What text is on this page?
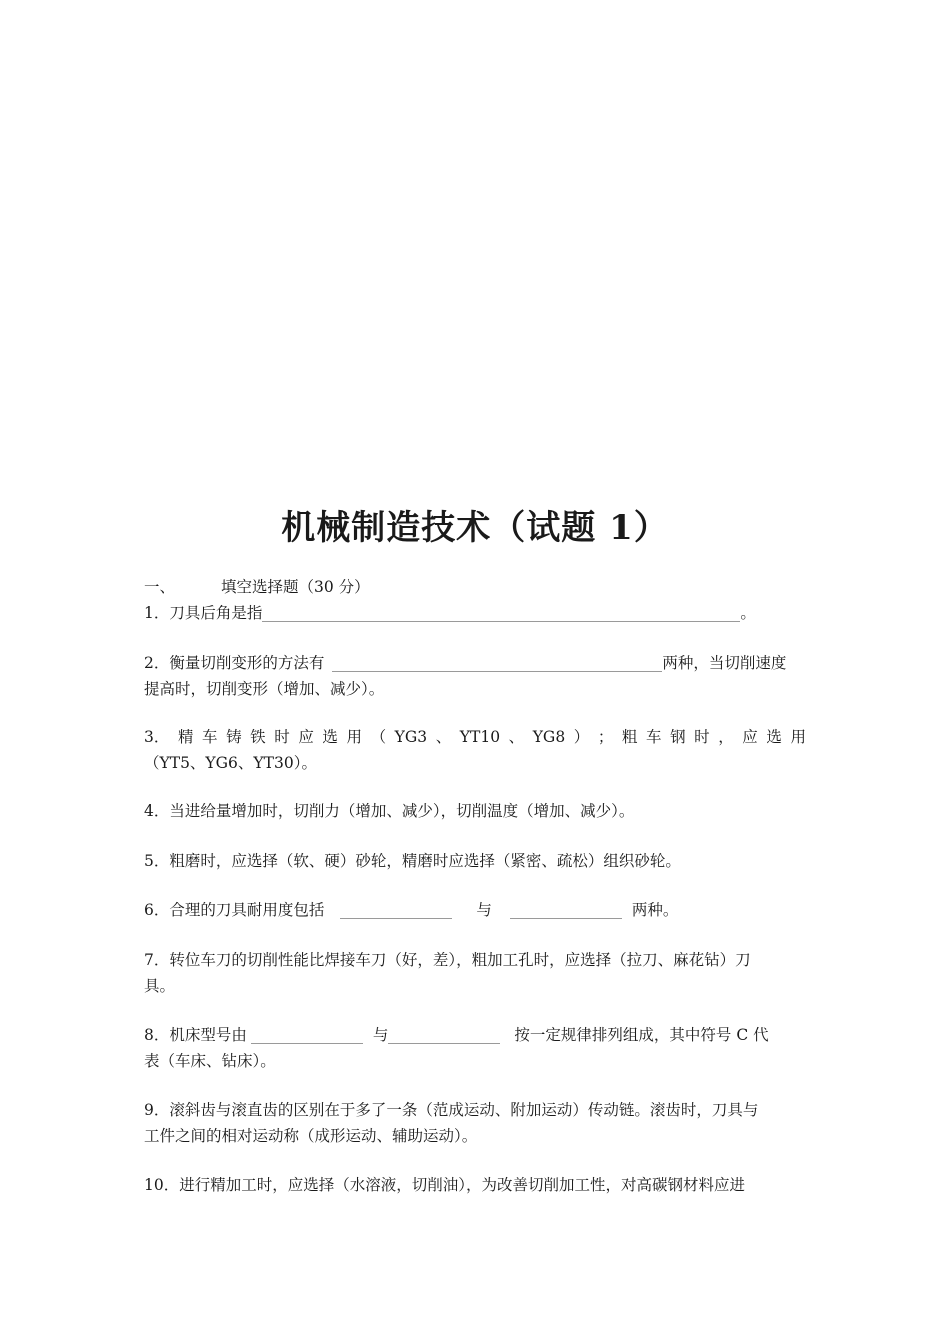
机械制造技术（试题 1）
一、	填空选择题（30 分）
1．刀具后角是指	。
2．衡量切削变形的方法有	两种，当切削速度
提高时，切削变形（增加、减少）。
3． 精 车 铸 铁 时 应 选 用 （ YG3 、 YT10 、 YG8 ） ； 粗 车 钢 时 ， 应 选 用
（YT5、YG6、YT30）。
4．当进给量增加时，切削力（增加、减少），切削温度（增加、减少）。
5．粗磨时，应选择（软、硬）砂轮，精磨时应选择（紧密、疏松）组织砂轮。
6．合理的刀具耐用度包括	与	两种。
7．转位车刀的切削性能比焊接车刀（好，差），粗加工孔时，应选择（拉刀、麻花钻）刀
具。
8．机床型号由	与	按一定规律排列组成，其中符号 C 代
表（车床、钻床）。
9．滚斜齿与滚直齿的区别在于多了一条（范成运动、附加运动）传动链。滚齿时，刀具与
工件之间的相对运动称（成形运动、辅助运动）。
10．进行精加工时，应选择（水溶液，切削油），为改善切削加工性，对高碳钢材料应进
